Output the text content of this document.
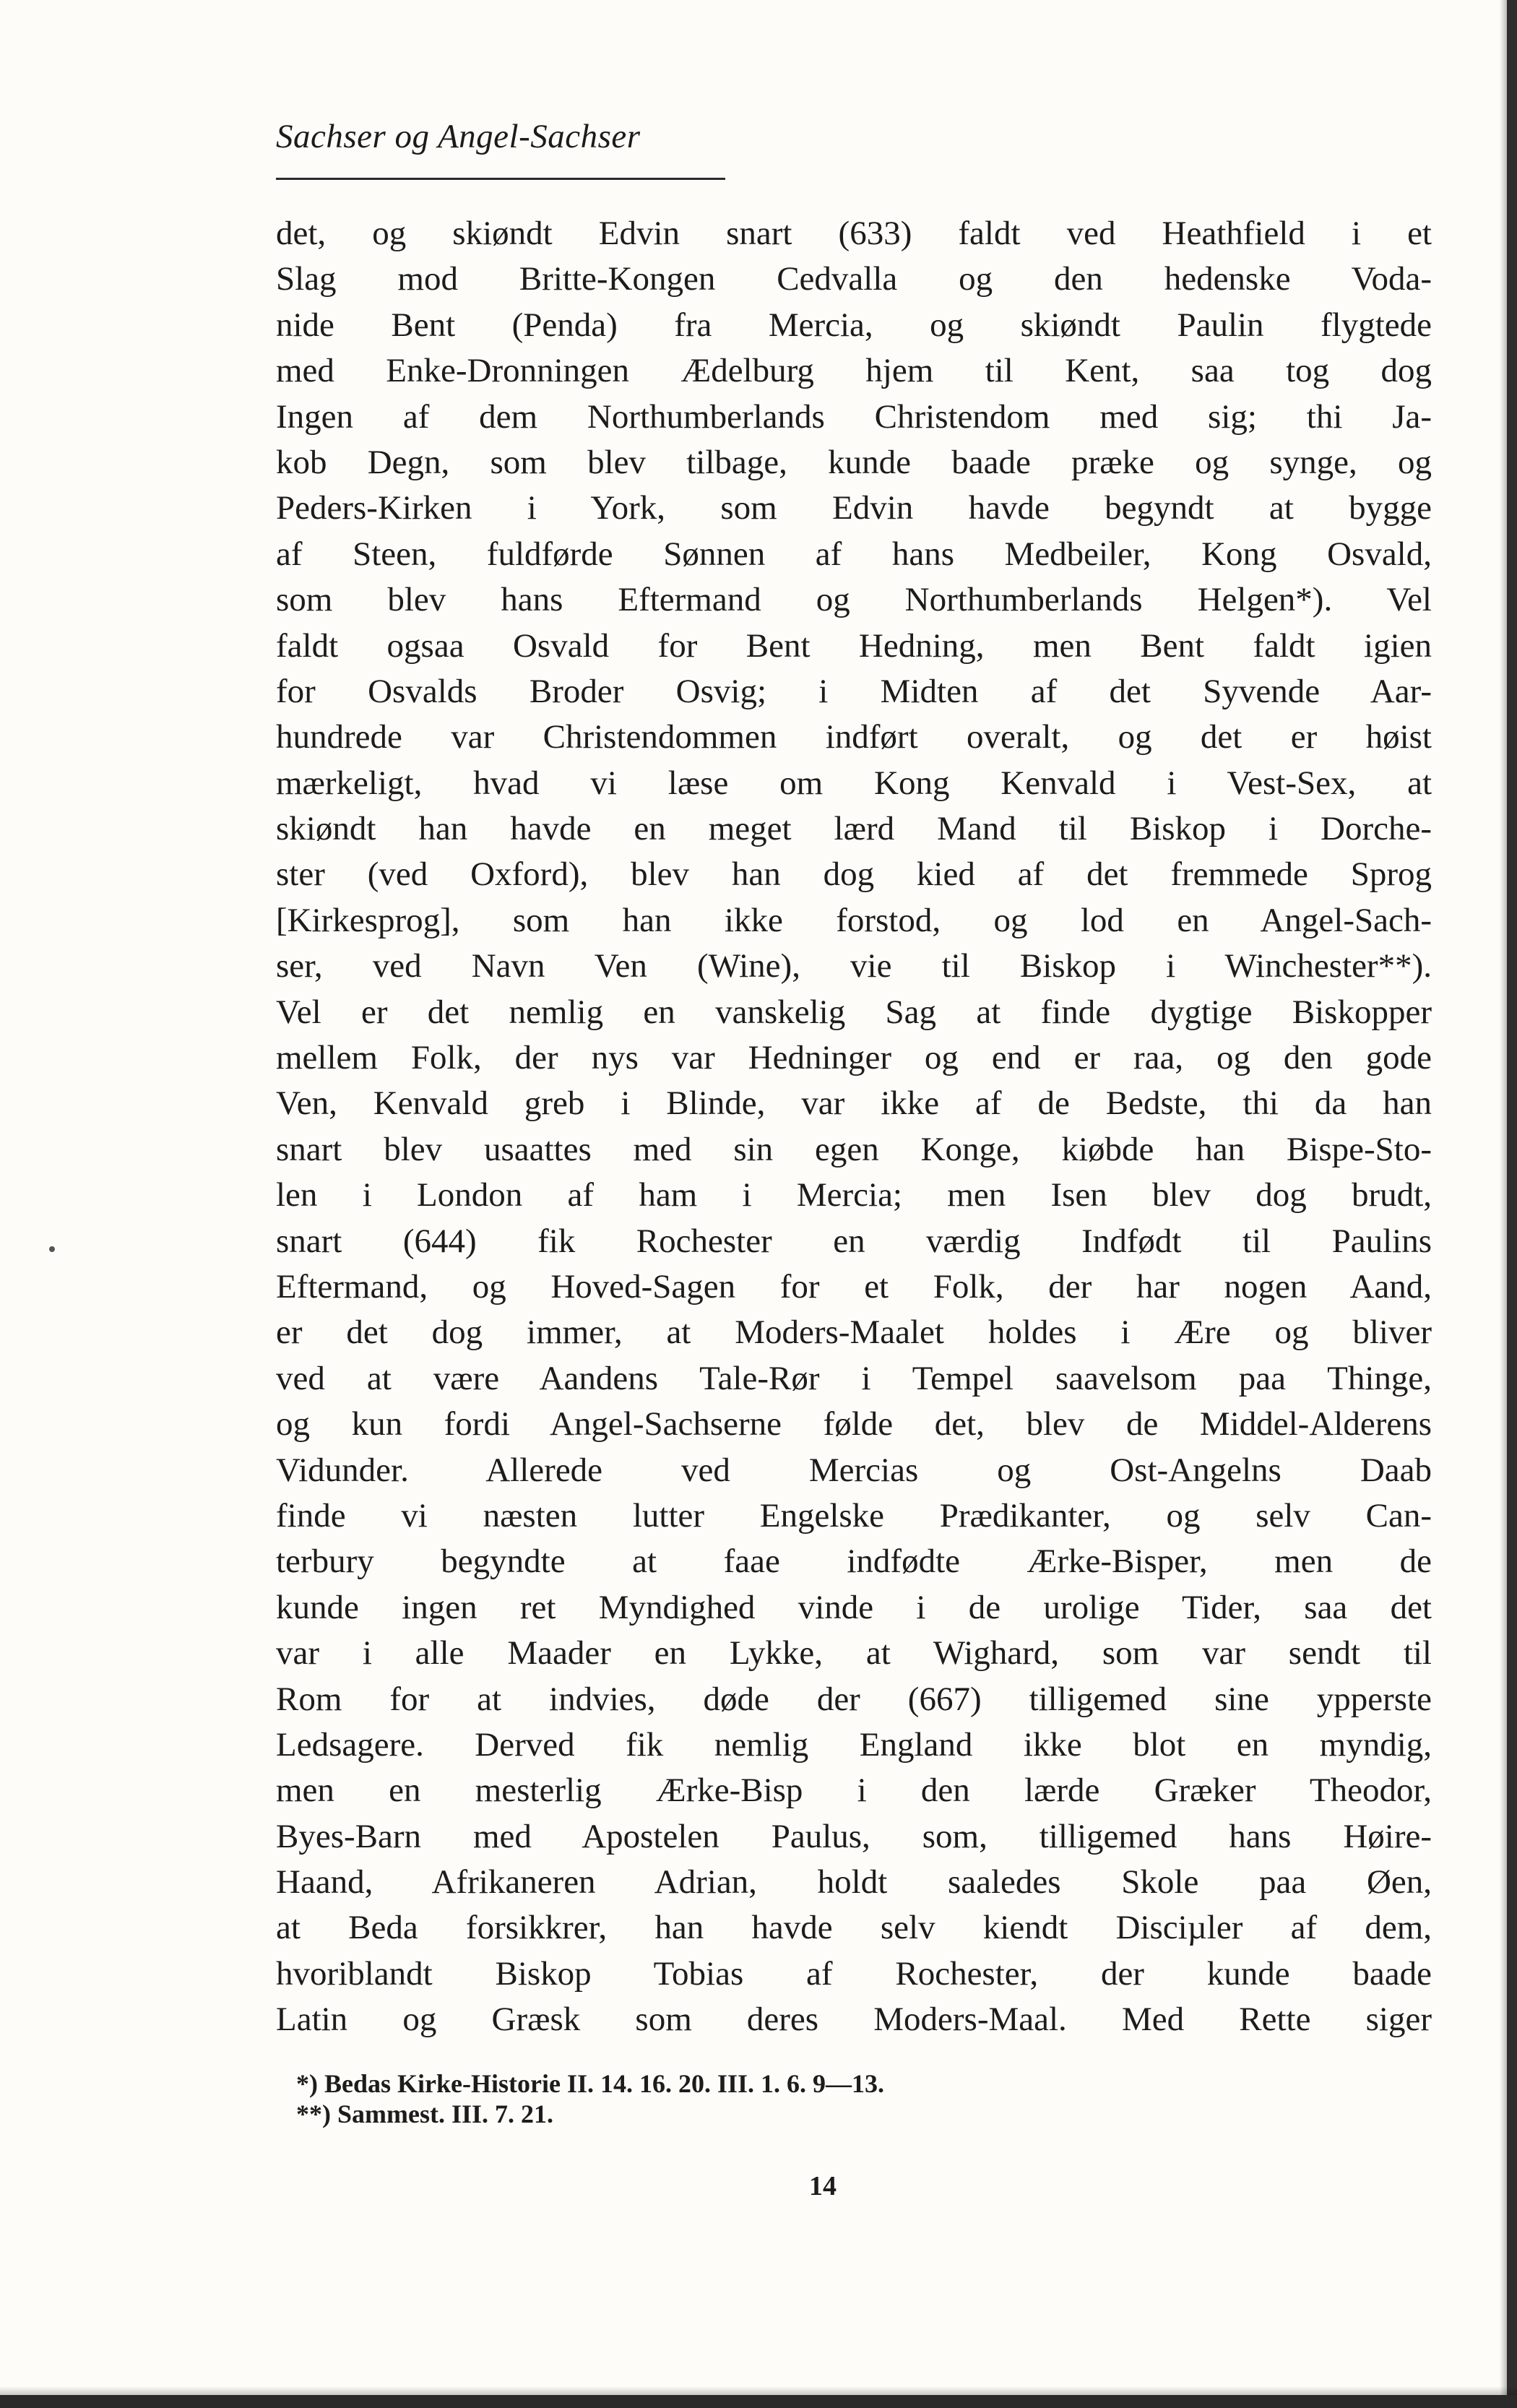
Sachser og Angel-Sachser
det, og skiøndt Edvin snart (633) faldt ved Heathfield i et
Slag mod Britte-Kongen Cedvalla og den hedenske Voda-
nide Bent (Penda) fra Mercia, og skiøndt Paulin flygtede
med Enke-Dronningen Ædelburg hjem til Kent, saa tog dog
Ingen af dem Northumberlands Christendom med sig; thi Ja-
kob Degn, som blev tilbage, kunde baade præke og synge, og
Peders-Kirken i York, som Edvin havde begyndt at bygge
af Steen, fuldførde Sønnen af hans Medbeiler, Kong Osvald,
som blev hans Eftermand og Northumberlands Helgen*). Vel
faldt ogsaa Osvald for Bent Hedning, men Bent faldt igien
for Osvalds Broder Osvig; i Midten af det Syvende Aar-
hundrede var Christendommen indført overalt, og det er høist
mærkeligt, hvad vi læse om Kong Kenvald i Vest-Sex, at
skiøndt han havde en meget lærd Mand til Biskop i Dorche-
ster (ved Oxford), blev han dog kied af det fremmede Sprog
[Kirkesprog], som han ikke forstod, og lod en Angel-Sach-
ser, ved Navn Ven (Wine), vie til Biskop i Winchester**).
Vel er det nemlig en vanskelig Sag at finde dygtige Biskopper
mellem Folk, der nys var Hedninger og end er raa, og den gode
Ven, Kenvald greb i Blinde, var ikke af de Bedste, thi da han
snart blev usaattes med sin egen Konge, kiøbde han Bispe-Sto-
len i London af ham i Mercia; men Isen blev dog brudt,
snart (644) fik Rochester en værdig Indfødt til Paulins
Eftermand, og Hoved-Sagen for et Folk, der har nogen Aand,
er det dog immer, at Moders-Maalet holdes i Ære og bliver
ved at være Aandens Tale-Rør i Tempel saavelsom paa Thinge,
og kun fordi Angel-Sachserne følde det, blev de Middel-Alderens
Vidunder. Allerede ved Mercias og Ost-Angelns Daab
finde vi næsten lutter Engelske Prædikanter, og selv Can-
terbury begyndte at faae indfødte Ærke-Bisper, men de
kunde ingen ret Myndighed vinde i de urolige Tider, saa det
var i alle Maader en Lykke, at Wighard, som var sendt til
Rom for at indvies, døde der (667) tilligemed sine ypperste
Ledsagere. Derved fik nemlig England ikke blot en myndig,
men en mesterlig Ærke-Bisp i den lærde Græker Theodor,
Byes-Barn med Apostelen Paulus, som, tilligemed hans Høire-
Haand, Afrikaneren Adrian, holdt saaledes Skole paa Øen,
at Beda forsikkrer, han havde selv kiendt Disciµler af dem,
hvoriblandt Biskop Tobias af Rochester, der kunde baade
Latin og Græsk som deres Moders-Maal. Med Rette siger
*) Bedas Kirke-Historie II. 14. 16. 20. III. 1. 6. 9—13.
**) Sammest. III. 7. 21.
14
